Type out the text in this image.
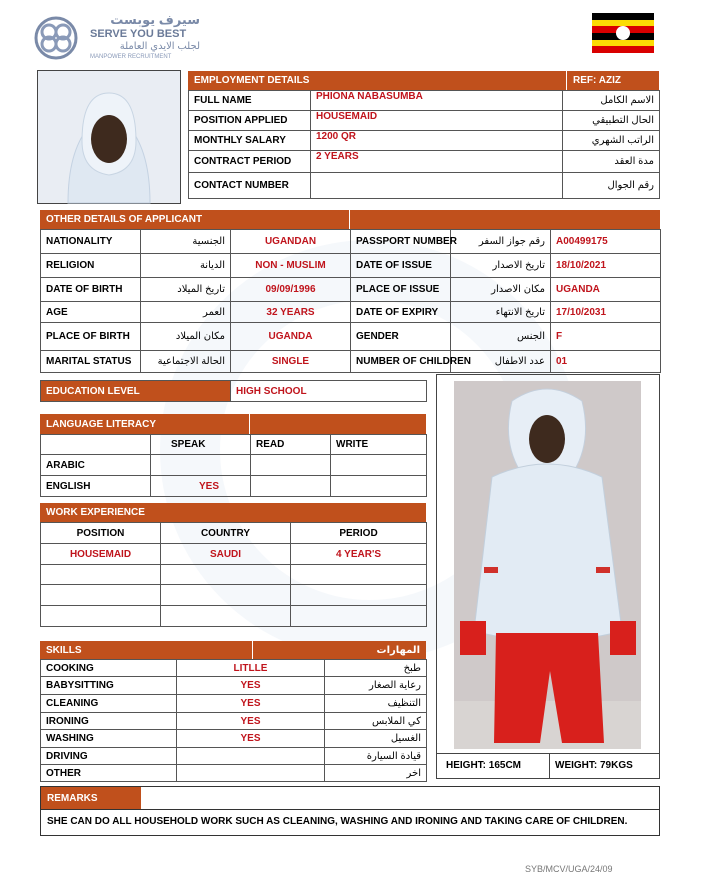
سيرف يوبست
SERVE YOU BEST
لجلب الايدي العاملة
MANPOWER RECRUITMENT
EMPLOYMENT DETAILS	REF: AZIZ
FULL NAME	PHIONA NABASUMBA	الاسم الكامل
POSITION APPLIED	HOUSEMAID	الحال التطبيقي
MONTHLY SALARY	1200 QR	الراتب الشهري
CONTRACT PERIOD	2 YEARS	مدة العقد
CONTACT NUMBER		رقم الجوال
OTHER DETAILS OF APPLICANT
NATIONALITY	الجنسية	UGANDAN	PASSPORT NUMBER	رقم جواز السفر	A00499175
RELIGION	الديانة	NON - MUSLIM	DATE OF ISSUE	تاريخ الاصدار	18/10/2021
DATE OF BIRTH	تاريخ الميلاد	09/09/1996	PLACE OF ISSUE	مكان الاصدار	UGANDA
AGE	العمر	32 YEARS	DATE OF EXPIRY	تاريخ الانتهاء	17/10/2031
PLACE OF BIRTH	مكان الميلاد	UGANDA	GENDER	الجنس	F
MARITAL STATUS	الحالة الاجتماعية	SINGLE	NUMBER OF CHILDREN	عدد الاطفال	01
EDUCATION LEVEL	HIGH SCHOOL
LANGUAGE LITERACY
	SPEAK	READ	WRITE
ARABIC			
ENGLISH	YES		
WORK EXPERIENCE
POSITION	COUNTRY	PERIOD
HOUSEMAID	SAUDI	4 YEAR'S

SKILLS	المهارات
COOKING	LITLLE	طبخ
BABYSITTING	YES	رعاية الصغار
CLEANING	YES	التنظيف
IRONING	YES	كي الملابس
WASHING	YES	الغسيل
DRIVING		قيادة السيارة
OTHER		اخر
HEIGHT: 165CM	WEIGHT: 79KGS
REMARKS
SHE CAN DO ALL HOUSEHOLD WORK SUCH AS CLEANING, WASHING AND IRONING AND TAKING CARE OF CHILDREN.
SYB/MCV/UGA/24/09
